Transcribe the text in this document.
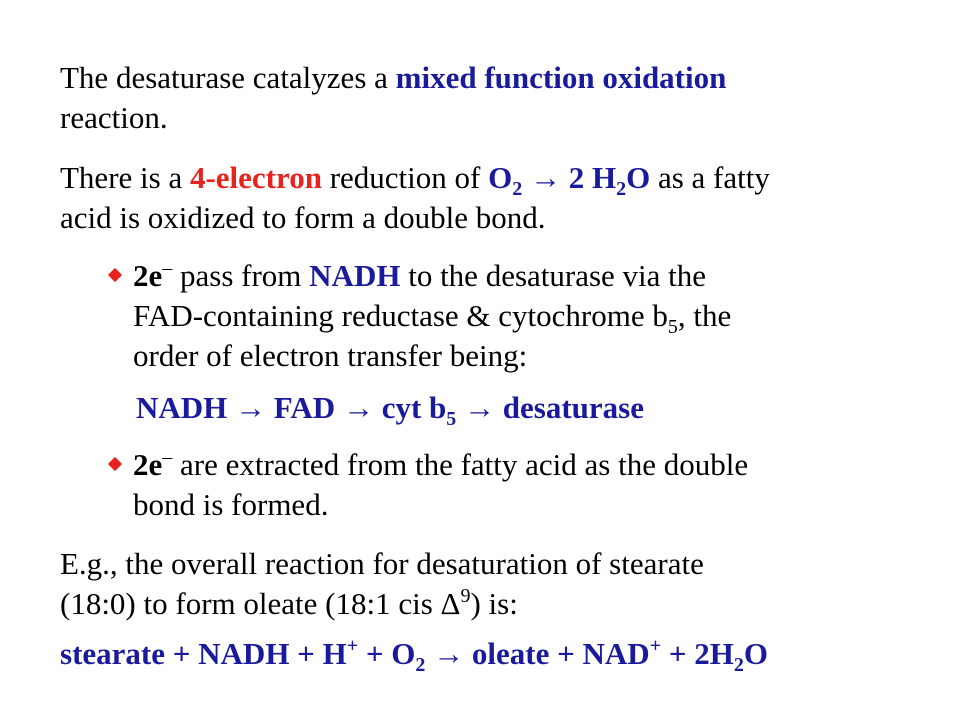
The desaturase catalyzes a mixed function oxidation
reaction.
There is a 4-electron reduction of $O_2 \to 2$ $H_2O$ as a fatty
acid is oxidized to form a double bond.
2e– pass from NADH to the desaturase via the
FAD-containing reductase & cytochrome $b_5$, the
order of electron transfer being:
NADH → FAD → cyt $b_5$ → desaturase
2e– are extracted from the fatty acid as the double
bond is formed.
E.g., the overall reaction for desaturation of stearate
(18:0) to form oleate (18:1 cis $\Delta^9$) is:
stearate + NADH + $H^+ + O_2$ → oleate + $NAD^+ + 2H_2O$
